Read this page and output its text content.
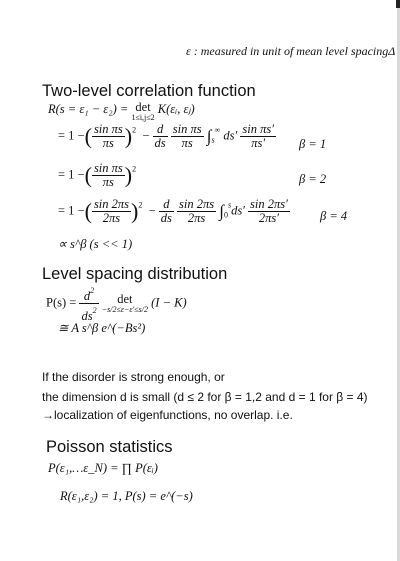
ε : measured in unit of mean level spacingΔ
Two-level correlation function
R(s = ε₁ − ε₂) = det
1≤i,j≤2
K(εᵢ, εⱼ)
= 1 −( $\frac{\text{sin πs}}{\pi s} )^2 - \frac{d}{ds}$
$\frac{\text{sin πs}}{\pi s} \int_s^\infty$ $ds' \frac{\text{sin πs′}}{\pi s'}$ β = 1
= 1 −( $\frac{\text{sin πs}}{\pi s} )^2$
β = 2
= 1 −( $\frac{\sin 2\pi s}{2\pi s} )^2 - \frac{d}{ds}$
$\frac{\sin 2\pi s}{2\pi s} \int_0^sds' \frac{\sin 2\pi s'}{2\pi s'}$ β = 4
∝ s^β (s << 1)
Level spacing distribution
$P(s) = \frac{d^2}{ds^2}$
	det
−s/2≤ε−ε′≤s/2
(I − K)
≅ A s^β e^(−Bs²)
If the disorder is strong enough, or
the dimension d is small (d ≤ 2 for β = 1,2 and d = 1 for β = 4)
→localization of eigenfunctions, no overlap. i.e.
Poisson statistics
P(ε₁,…ε_N) = ∏ P(εᵢ)
R(ε₁,ε₂) = 1, P(s) = e^(−s)
